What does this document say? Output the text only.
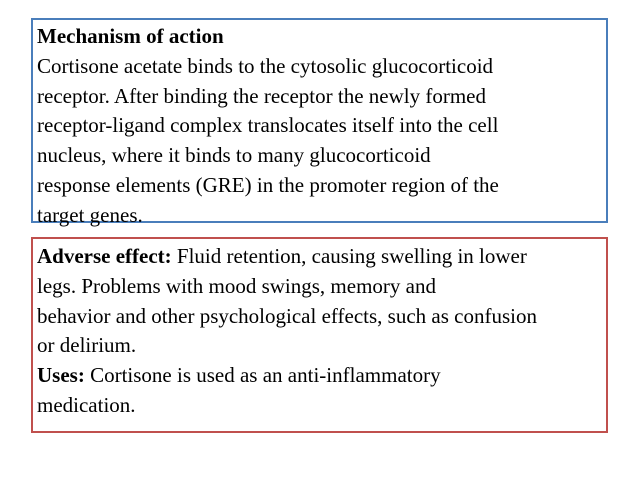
Mechanism of action
Cortisone acetate binds to the cytosolic glucocorticoid
receptor. After binding the receptor the newly formed
receptor-ligand complex translocates itself into the cell
nucleus, where it binds to many glucocorticoid
response elements (GRE) in the promoter region of the
target genes.
Adverse effect: Fluid retention, causing swelling in lower
legs. Problems with mood swings, memory and
behavior and other psychological effects, such as confusion
or delirium.
Uses: Cortisone is used as an anti-inflammatory
medication.
